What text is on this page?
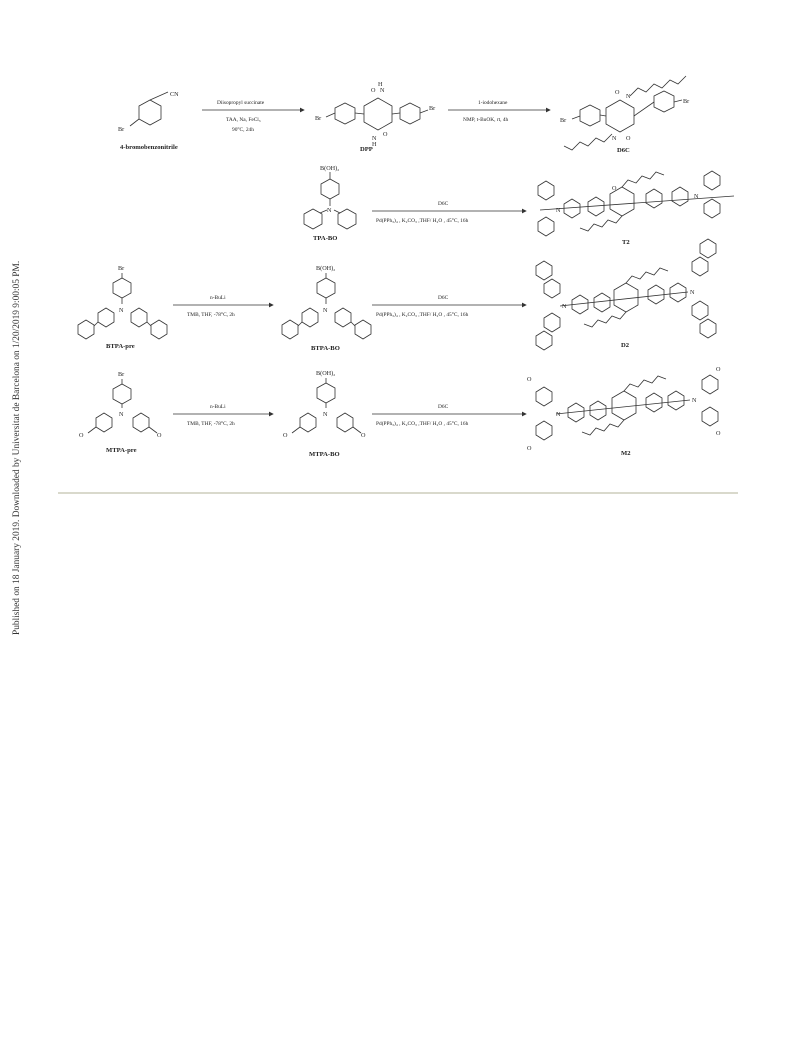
Published on 18 January 2019. Downloaded by Universitat de Barcelona on 1/20/2019 9:00:05 PM.
CN
Br
4-bromobenzonitrile
Diisopropyl succinate
TAA, Na, FeCl₃
90°C, 24h
O N
H
N
H
O
Br
Br
DPP
1-iodohexane
NMP, t-BuOK, rt, 4h
N
O
N O
Br
Br
D6C
B(OH)₂
N
TPA-BO
D6C
Pd(PPh₃)₄ , K₂CO₃ ,THF/ H₂O , 45°C, 16h
N
N
O
T2
Br
N
BTPA-pre
n-BuLi
TMB, THF, -78°C, 2h
B(OH)₂
N
BTPA-BO
D6C
Pd(PPh₃)₄ , K₂CO₃ ,THF/ H₂O , 45°C, 16h
N
N
D2
Br
N
O	O
MTPA-pre
n-BuLi
TMB, THF, -78°C, 2h
B(OH)₂
N
O	O
MTPA-BO
D6C
Pd(PPh₃)₄ , K₂CO₃ ,THF/ H₂O , 45°C, 16h
O
O
O
O
N
N
M2
